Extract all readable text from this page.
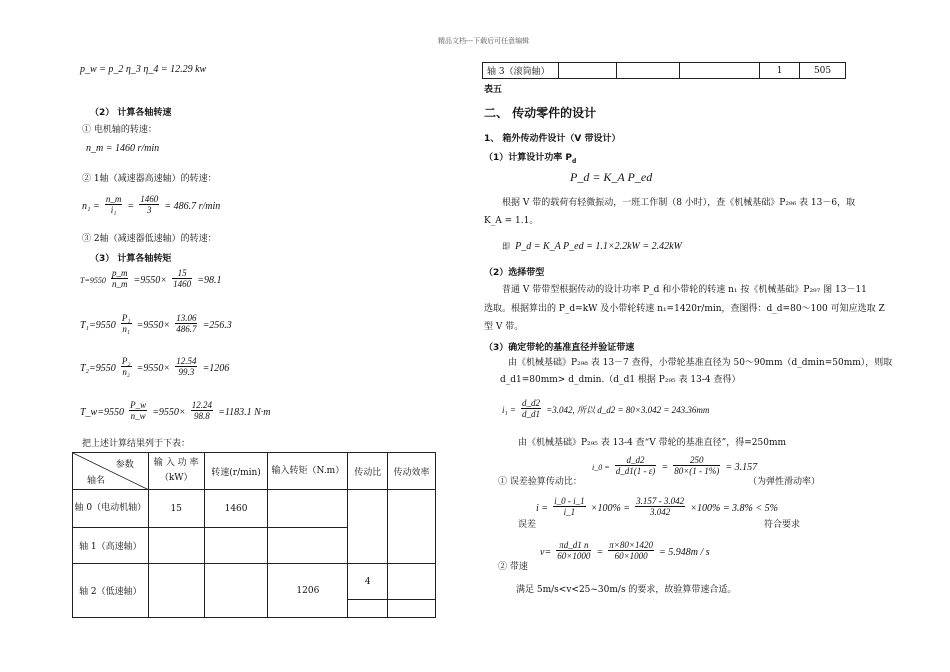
精品文档---下载后可任意编辑
p_w = p_2 η_3 η_4 = 12.29 kw
（2） 计算各轴转速
① 电机轴的转速：
n_m = 1460 r/min
② 1轴（减速器高速轴）的转速：
$n_1 = \frac{n\_m}{\text{i₁}} = \frac{1460}{3} = 486.7$ r/min
③ 2轴（减速器低速轴）的转速：
（3） 计算各轴转矩
$T=9550 \frac{p\_m}{n\_m} =9550\times \frac{15}{1460} =98.1$
$T_1=9550 \frac{\text{P₁}}{\text{n₁}} =9550\times \frac{13.06}{486.7} =256.3$
$T_2=9550 \frac{\text{P₂}}{\text{n₂}} =9550\times \frac{12.54}{99.3} =1206$
T_w=9550 $\frac{P\_w}{n\_w} =9550\times \frac{12.24}{98.8} =1183.1$ N·m
把上述计算结果列于下表：
参数
轴名	输 入 功 率（kW）	转速(r/min)	输入转矩（N.m）	传动比	传动效率
轴 0（电动机轴）	15	1460			
轴 1（高速轴）					
轴 2（低速轴）			1206	4	

轴 3（滚筒轴）				1	505
表五
二、 传动零件的设计
1、 箱外传动件设计（V 带设计）
（1）计算设计功率 $P_d$
P_d = K_A P_ed
根据 V 带的载荷有轻微振动，一班工作制（8 小时），查《机械基础》P₂₉₆ 表 13－6，取
K_A = 1.1。
即 P_d = K_A P_ed = 1.1×2.2kW = 2.42kW
（2）选择带型
普通 V 带带型根据传动的设计功率 P_d 和小带轮的转速 n₁ 按《机械基础》P₂₉₇ 图 13－11
选取。根据算出的 P_d=kW 及小带轮转速 n₁=1420r/min，查图得：d_d=80～100 可知应选取 Z
型 V 带。
（3）确定带轮的基准直径并验证带速
由《机械基础》P₂₉₈ 表 13－7 查得，小带轮基准直径为 50～90mm（d_dmin=50mm），则取
d_d1=80mm> d_dmin.（d_d1 根据 P₂₉₅ 表 13-4 查得）
$i_1 = \frac{d\_d2}{d\_d1} =3.042$, 所以 d_d2 = 80×3.042 = 243.36mm
由《机械基础》P₂₉₅ 表 13-4 查“V 带轮的基准直径”，得=250mm
i_0 = $\frac{d\_d2}{d\_d1(1 - \varepsilon)} = \frac{250}{80\times(1 - 1\%)} = 3.157$
① 误差验算传动比：	（为弹性滑动率）
$i = \frac{i\_0 - i\_1}{i\_1} \times 100\% = \frac{3.157 - 3.042}{3.042} \times 100\% = 3.8\% < 5\%$
误差	符合要求
$v= \frac{\pi d\_d1 n}{60\times 1000} = \frac{\pi\times 80\times 1420}{60\times 1000} = 5.948m / s$
② 带速
满足 5m/s<v<25~30m/s 的要求，故验算带速合适。
